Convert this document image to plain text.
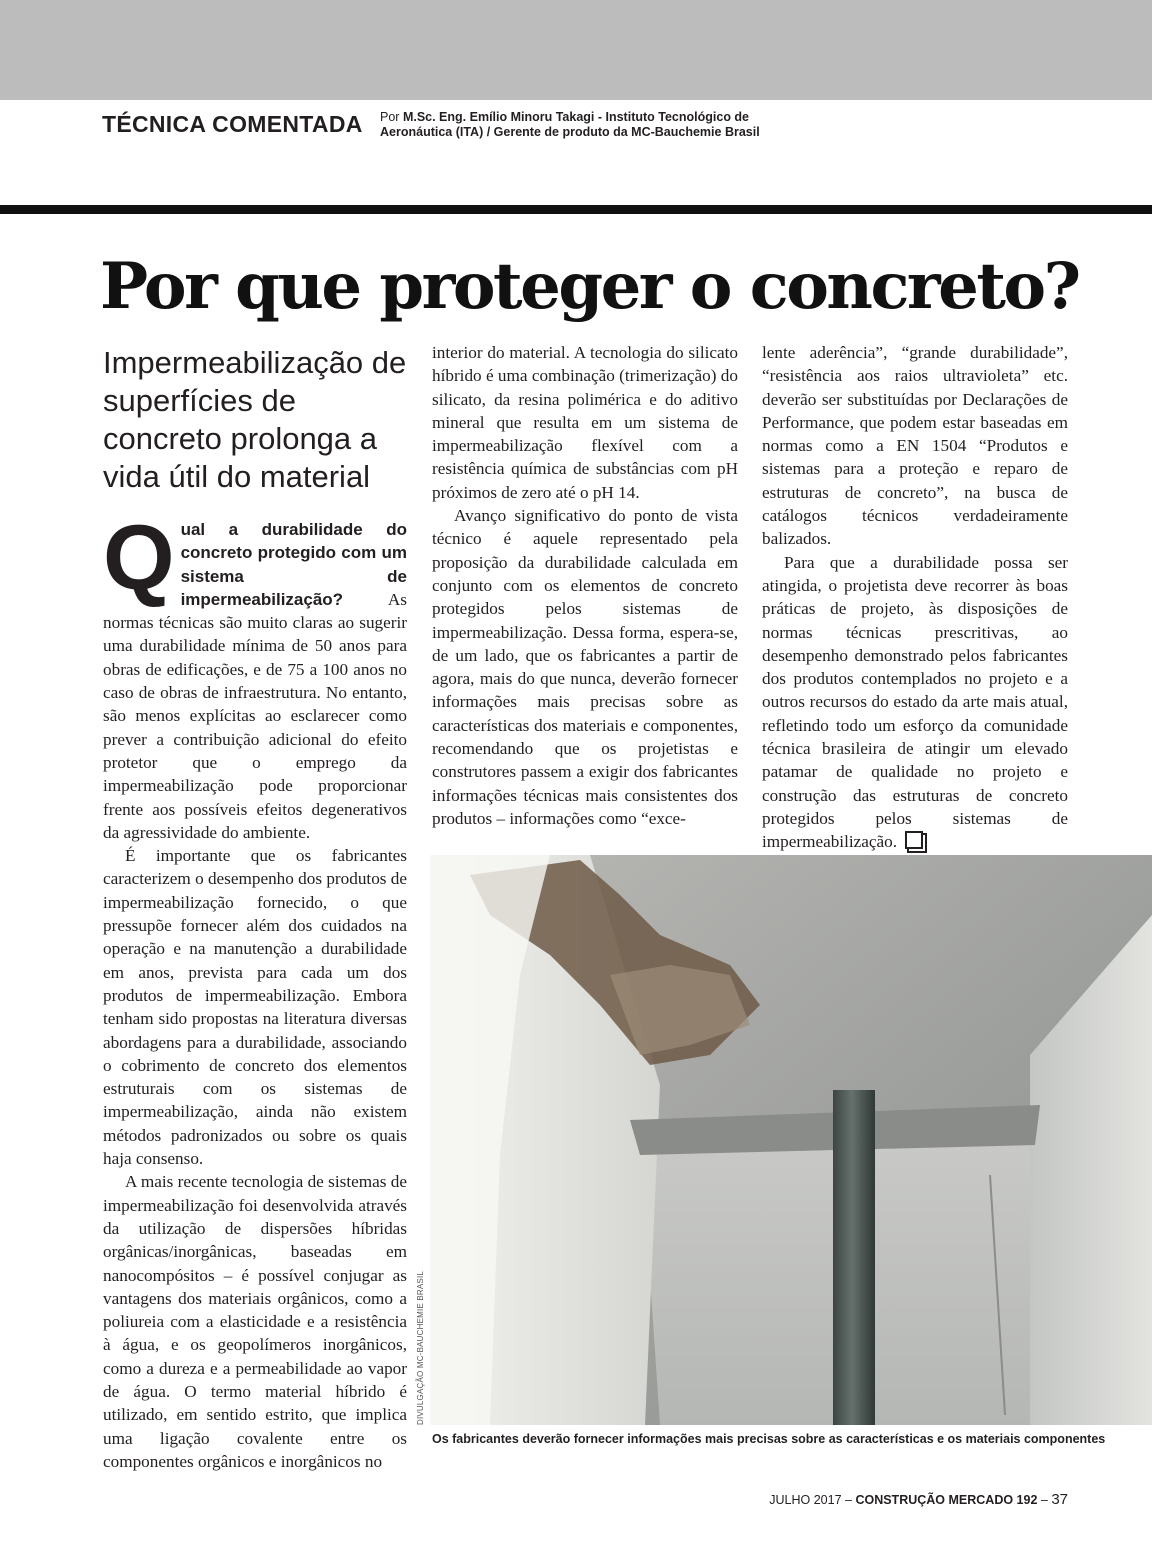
TÉCNICA COMENTADA Por M.Sc. Eng. Emílio Minoru Takagi - Instituto Tecnológico de Aeronáutica (ITA) / Gerente de produto da MC-Bauchemie Brasil
Por que proteger o concreto?
Impermeabilização de superfícies de concreto prolonga a vida útil do material

Qual a durabilidade do concreto protegido com um sistema de impermeabilização? As normas técnicas são muito claras ao sugerir uma durabilidade mínima de 50 anos para obras de edificações, e de 75 a 100 anos no caso de obras de infraestrutura. No entanto, são menos explícitas ao esclarecer como prever a contribuição adicional do efeito protetor que o emprego da impermeabilização pode proporcionar frente aos possíveis efeitos degenerativos da agressividade do ambiente.

É importante que os fabricantes caracterizem o desempenho dos produtos de impermeabilização fornecido, o que pressupõe fornecer além dos cuidados na operação e na manutenção a durabilidade em anos, prevista para cada um dos produtos de impermeabilização. Embora tenham sido propostas na literatura diversas abordagens para a durabilidade, associando o cobrimento de concreto dos elementos estruturais com os sistemas de impermeabilização, ainda não existem métodos padronizados ou sobre os quais haja consenso.

A mais recente tecnologia de sistemas de impermeabilização foi desenvolvida através da utilização de dispersões híbridas orgânicas/inorgânicas, baseadas em nanocompósitos – é possível conjugar as vantagens dos materiais orgânicos, como a poliureia com a elasticidade e a resistência à água, e os geopolímeros inorgânicos, como a dureza e a permeabilidade ao vapor de água. O termo material híbrido é utilizado, em sentido estrito, que implica uma ligação covalente entre os componentes orgânicos e inorgânicos no

interior do material. A tecnologia do silicato híbrido é uma combinação (trimerização) do silicato, da resina polimérica e do aditivo mineral que resulta em um sistema de impermeabilização flexível com a resistência química de substâncias com pH próximos de zero até o pH 14.

Avanço significativo do ponto de vista técnico é aquele representado pela proposição da durabilidade calculada em conjunto com os elementos de concreto protegidos pelos sistemas de impermeabilização. Dessa forma, espera-se, de um lado, que os fabricantes a partir de agora, mais do que nunca, deverão fornecer informações mais precisas sobre as características dos materiais e componentes, recomendando que os projetistas e construtores passem a exigir dos fabricantes informações técnicas mais consistentes dos produtos – informações como “exce-

lente aderência”, “grande durabilidade”, “resistência aos raios ultravioleta” etc. deverão ser substituídas por Declarações de Performance, que podem estar baseadas em normas como a EN 1504 “Produtos e sistemas para a proteção e reparo de estruturas de concreto”, na busca de catálogos técnicos verdadeiramente balizados.

Para que a durabilidade possa ser atingida, o projetista deve recorrer às boas práticas de projeto, às disposições de normas técnicas prescritivas, ao desempenho demonstrado pelos fabricantes dos produtos contemplados no projeto e a outros recursos do estado da arte mais atual, refletindo todo um esforço da comunidade técnica brasileira de atingir um elevado patamar de qualidade no projeto e construção das estruturas de concreto protegidos pelos sistemas de impermeabilização.

DIVULGAÇÃO MC-BAUCHEMIE BRASIL
Os fabricantes deverão fornecer informações mais precisas sobre as características e os materiais componentes
JULHO 2017 – CONSTRUÇÃO MERCADO 192 – 37
